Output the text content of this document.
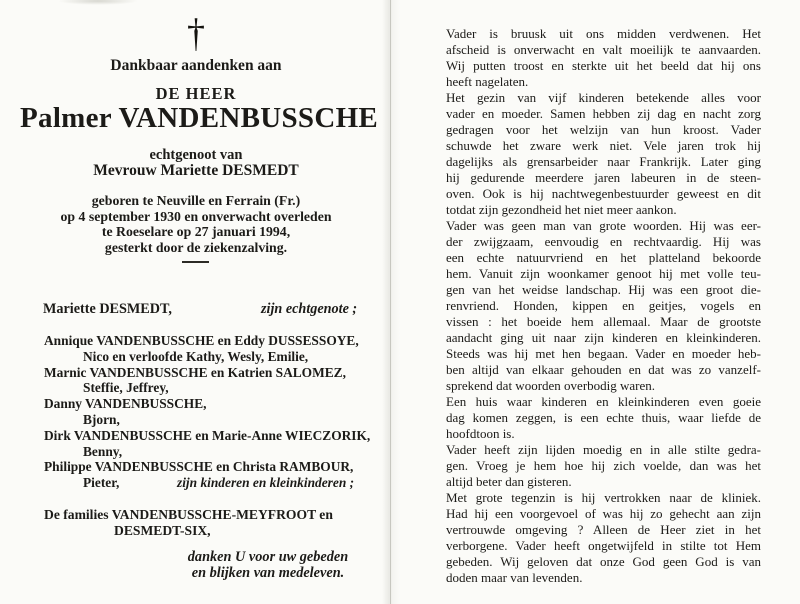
†
Dankbaar aandenken aan
DE HEER
Palmer VANDENBUSSCHE
echtgenoot van
Mevrouw Mariette DESMEDT
geboren te Neuville en Ferrain (Fr.)
op 4 september 1930 en onverwacht overleden
te Roeselare op 27 januari 1994,
gesterkt door de ziekenzalving.
Mariette DESMEDT,	zijn echtgenote ;
Annique VANDENBUSSCHE en Eddy DUSSESSOYE,
Nico en verloofde Kathy, Wesly, Emilie,
Marnic VANDENBUSSCHE en Katrien SALOMEZ,
Steffie, Jeffrey,
Danny VANDENBUSSCHE,
Bjorn,
Dirk VANDENBUSSCHE en Marie-Anne WIECZORIK,
Benny,
Philippe VANDENBUSSCHE en Christa RAMBOUR,
Pieter,	zijn kinderen en kleinkinderen ;
De families VANDENBUSSCHE-MEYFROOT en
DESMEDT-SIX,
danken U voor uw gebeden
en blijken van medeleven.
Vader is bruusk uit ons midden verdwenen. Het
afscheid is onverwacht en valt moeilijk te aanvaarden.
Wij putten troost en sterkte uit het beeld dat hij ons
heeft nagelaten.
Het gezin van vijf kinderen betekende alles voor
vader en moeder. Samen hebben zij dag en nacht zorg
gedragen voor het welzijn van hun kroost. Vader
schuwde het zware werk niet. Vele jaren trok hij
dagelijks als grensarbeider naar Frankrijk. Later ging
hij gedurende meerdere jaren labeuren in de steen-
oven. Ook is hij nachtwegenbestuurder geweest en dit
totdat zijn gezondheid het niet meer aankon.
Vader was geen man van grote woorden. Hij was eer-
der zwijgzaam, eenvoudig en rechtvaardig. Hij was
een echte natuurvriend en het platteland bekoorde
hem. Vanuit zijn woonkamer genoot hij met volle teu-
gen van het weidse landschap. Hij was een groot die-
renvriend. Honden, kippen en geitjes, vogels en
vissen : het boeide hem allemaal. Maar de grootste
aandacht ging uit naar zijn kinderen en kleinkinderen.
Steeds was hij met hen begaan. Vader en moeder heb-
ben altijd van elkaar gehouden en dat was zo vanzelf-
sprekend dat woorden overbodig waren.
Een huis waar kinderen en kleinkinderen even goeie
dag komen zeggen, is een echte thuis, waar liefde de
hoofdtoon is.
Vader heeft zijn lijden moedig en in alle stilte gedra-
gen. Vroeg je hem hoe hij zich voelde, dan was het
altijd beter dan gisteren.
Met grote tegenzin is hij vertrokken naar de kliniek.
Had hij een voorgevoel of was hij zo gehecht aan zijn
vertrouwde omgeving ? Alleen de Heer ziet in het
verborgene. Vader heeft ongetwijfeld in stilte tot Hem
gebeden. Wij geloven dat onze God geen God is van
doden maar van levenden.
